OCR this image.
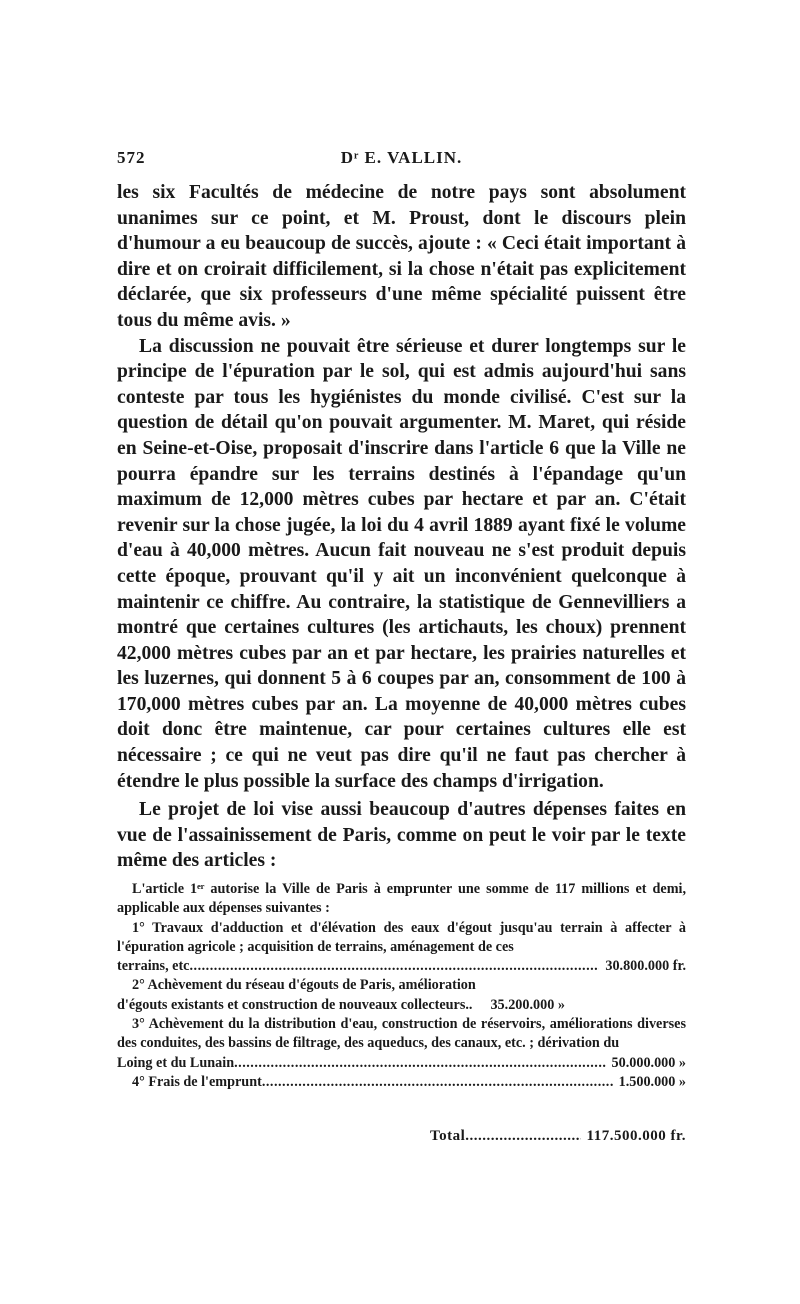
572	Dʳ E. VALLIN.

les six Facultés de médecine de notre pays sont absolument unanimes sur ce point, et M. Proust, dont le discours plein d'humour a eu beaucoup de succès, ajoute : « Ceci était important à dire et on croirait difficilement, si la chose n'était pas explicitement déclarée, que six professeurs d'une même spécialité puissent être tous du même avis. »

La discussion ne pouvait être sérieuse et durer longtemps sur le principe de l'épuration par le sol, qui est admis aujourd'hui sans conteste par tous les hygiénistes du monde civilisé. C'est sur la question de détail qu'on pouvait argumenter. M. Maret, qui réside en Seine-et-Oise, proposait d'inscrire dans l'article 6 que la Ville ne pourra épandre sur les terrains destinés à l'épandage qu'un maximum de 12,000 mètres cubes par hectare et par an. C'était revenir sur la chose jugée, la loi du 4 avril 1889 ayant fixé le volume d'eau à 40,000 mètres. Aucun fait nouveau ne s'est produit depuis cette époque, prouvant qu'il y ait un inconvénient quelconque à maintenir ce chiffre. Au contraire, la statistique de Gennevilliers a montré que certaines cultures (les artichauts, les choux) prennent 42,000 mètres cubes par an et par hectare, les prairies naturelles et les luzernes, qui donnent 5 à 6 coupes par an, consomment de 100 à 170,000 mètres cubes par an. La moyenne de 40,000 mètres cubes doit donc être maintenue, car pour certaines cultures elle est nécessaire ; ce qui ne veut pas dire qu'il ne faut pas chercher à étendre le plus possible la surface des champs d'irrigation.

Le projet de loi vise aussi beaucoup d'autres dépenses faites en vue de l'assainissement de Paris, comme on peut le voir par le texte même des articles :

L'article 1ᵉʳ autorise la Ville de Paris à emprunter une somme de 117 millions et demi, applicable aux dépenses suivantes :

1° Travaux d'adduction et d'élévation des eaux d'égout jusqu'au terrain à affecter à l'épuration agricole ; acquisition de terrains, aménagement de ces

terrains, etc .....	30.800.000 fr.

2° Achèvement du réseau d'égouts de Paris, amélioration

d'égouts existants et construction de nouveaux collecteurs.. 35.200.000 »

3° Achèvement du la distribution d'eau, construction de réservoirs, améliorations diverses des conduites, des bassins de filtrage, des aqueducs, des canaux, etc. ; dérivation du

Loing et du Lunain .....	50.000.000 »
4° Frais de l'emprunt .....	1.500.000 »
Total .....	117.500.000 fr.
